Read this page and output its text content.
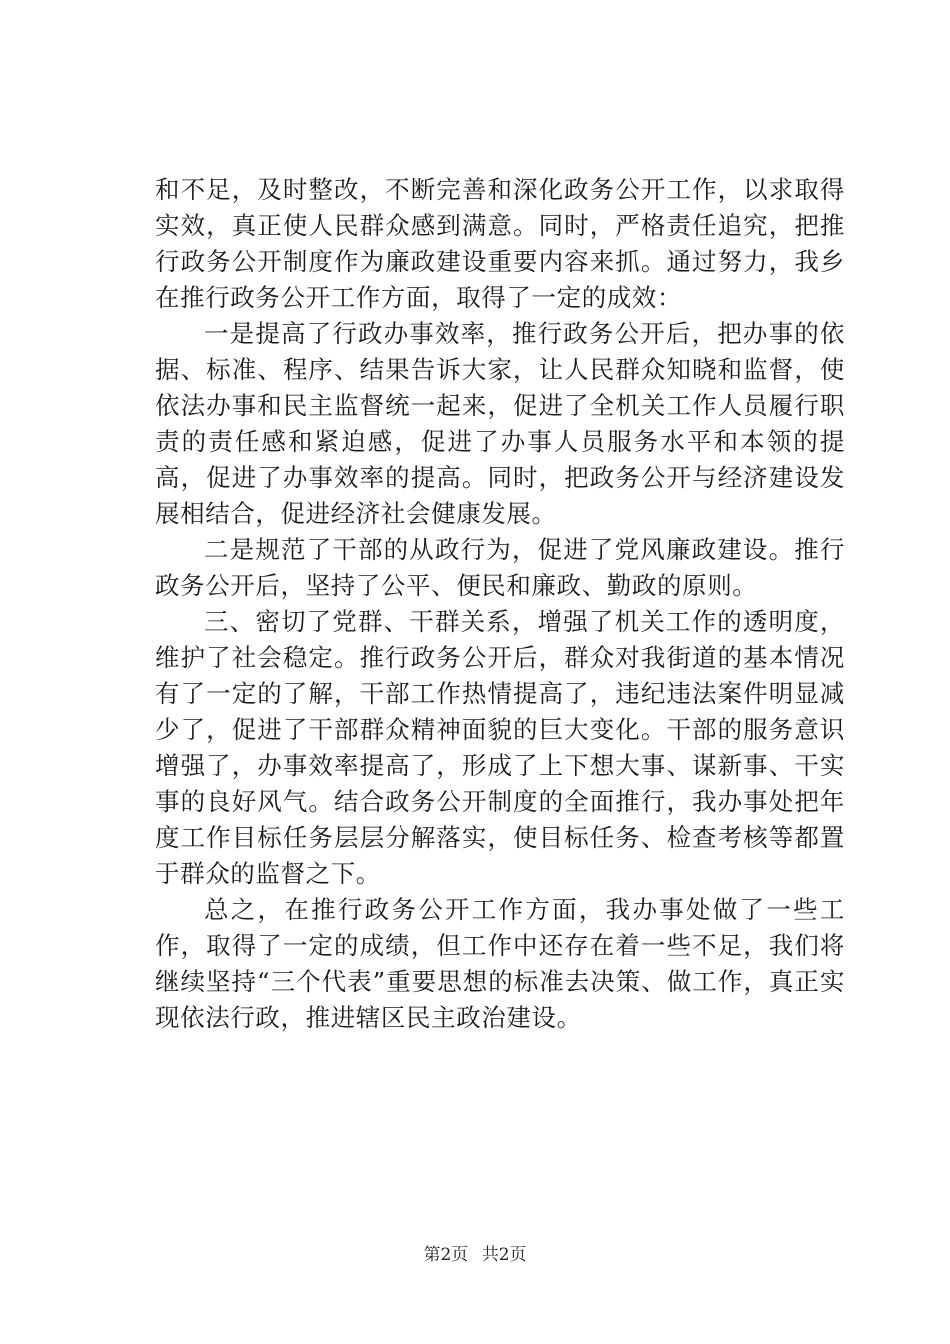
和不足，及时整改，不断完善和深化政务公开工作，以求取得实效，真正使人民群众感到满意。同时，严格责任追究，把推行政务公开制度作为廉政建设重要内容来抓。通过努力，我乡在推行政务公开工作方面，取得了一定的成效：

一是提高了行政办事效率，推行政务公开后，把办事的依据、标准、程序、结果告诉大家，让人民群众知晓和监督，使依法办事和民主监督统一起来，促进了全机关工作人员履行职责的责任感和紧迫感，促进了办事人员服务水平和本领的提高，促进了办事效率的提高。同时，把政务公开与经济建设发展相结合，促进经济社会健康发展。

二是规范了干部的从政行为，促进了党风廉政建设。推行政务公开后，坚持了公平、便民和廉政、勤政的原则。

三、密切了党群、干群关系，增强了机关工作的透明度，维护了社会稳定。推行政务公开后，群众对我街道的基本情况有了一定的了解，干部工作热情提高了，违纪违法案件明显减少了，促进了干部群众精神面貌的巨大变化。干部的服务意识增强了，办事效率提高了，形成了上下想大事、谋新事、干实事的良好风气。结合政务公开制度的全面推行，我办事处把年度工作目标任务层层分解落实，使目标任务、检查考核等都置于群众的监督之下。

总之，在推行政务公开工作方面，我办事处做了一些工作，取得了一定的成绩，但工作中还存在着一些不足，我们将继续坚持“三个代表”重要思想的标准去决策、做工作，真正实现依法行政，推进辖区民主政治建设。

第2页 共2页
